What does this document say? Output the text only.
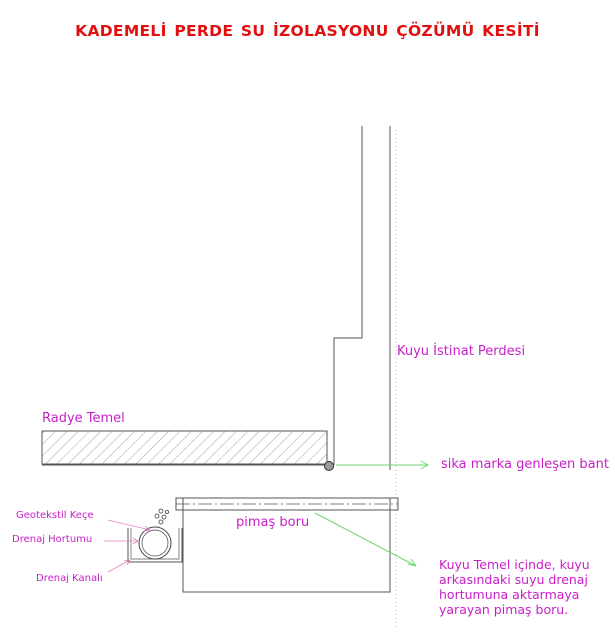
KADEMELİ PERDE SU İZOLASYONU ÇÖZÜMÜ KESİTİ
Kuyu İstinat Perdesi
Radye Temel
sika marka genleşen bant
Geotekstil Keçe
Drenaj Hortumu
Drenaj Kanalı
pimaş boru
Kuyu Temel içinde, kuyu arkasındaki suyu drenaj hortumuna aktarmaya yarayan pimaş boru.
